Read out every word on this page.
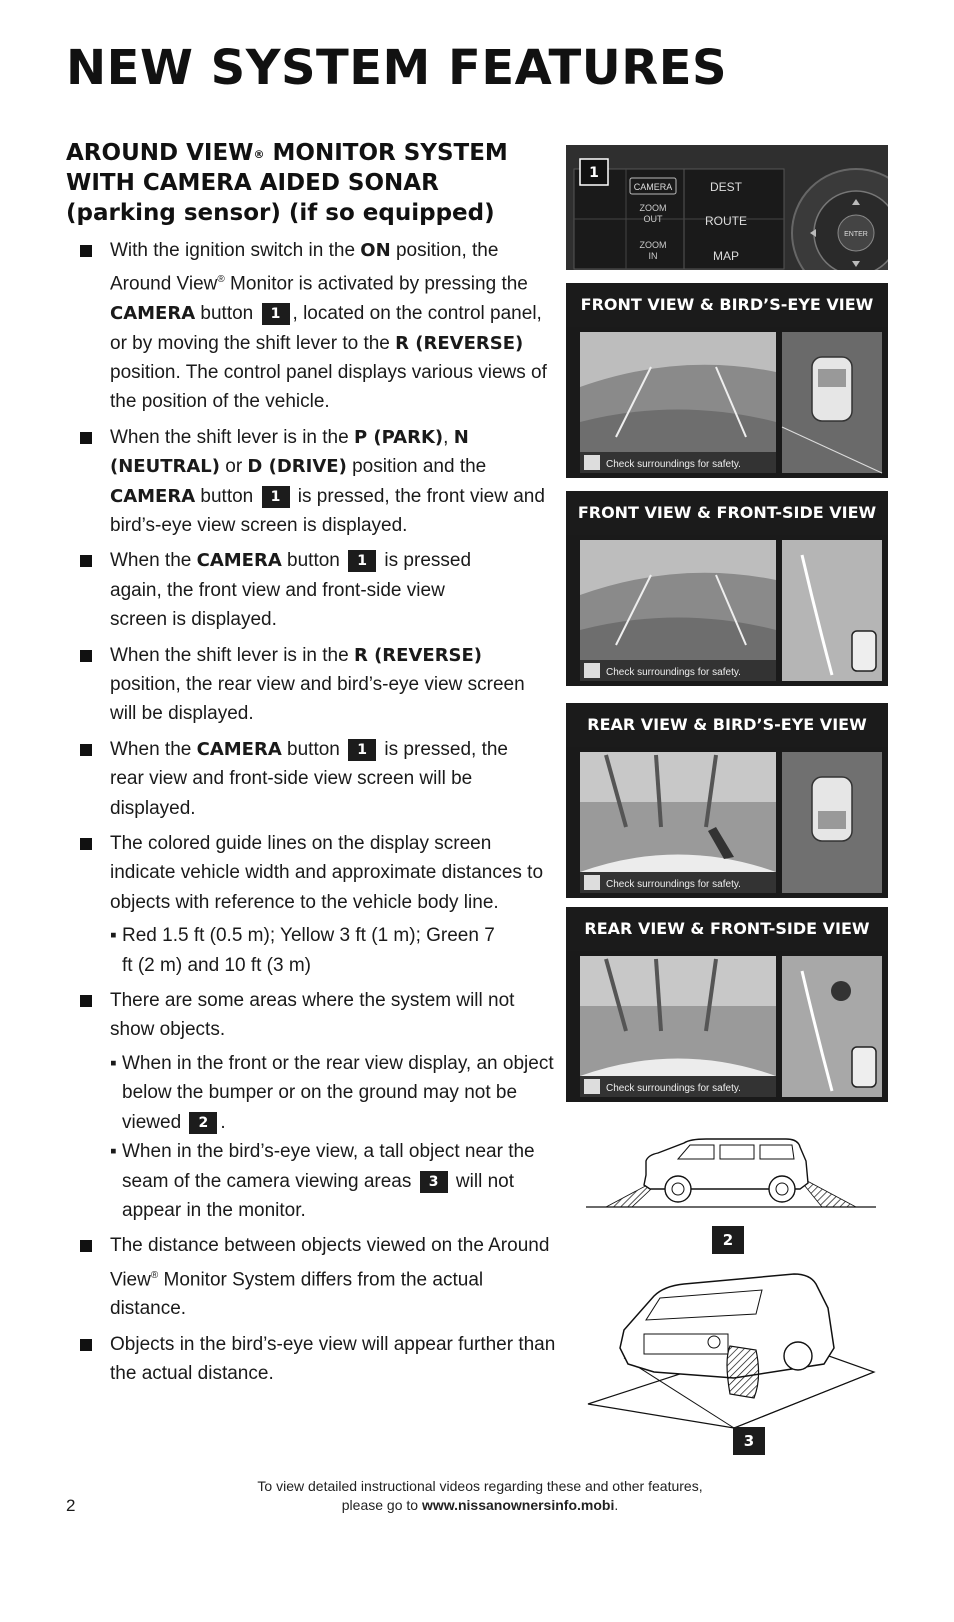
NEW SYSTEM FEATURES
AROUND VIEW® MONITOR SYSTEM
WITH CAMERA AIDED SONAR
(parking sensor) (if so equipped)

With the ignition switch in the ON position, the Around View® Monitor is activated by pressing the CAMERA button 1 , located on the control panel, or by moving the shift lever to the R (REVERSE) position. The control panel displays various views of the position of the vehicle.

When the shift lever is in the P (PARK), N (NEUTRAL) or D (DRIVE) position and the CAMERA button 1 is pressed, the front view and bird’s-eye view screen is displayed.

When the CAMERA button 1 is pressed again, the front view and front-side view screen is displayed.

When the shift lever is in the R (REVERSE) position, the rear view and bird’s-eye view screen will be displayed.

When the CAMERA button 1 is pressed, the rear view and front-side view screen will be displayed.

The colored guide lines on the display screen indicate vehicle width and approximate distances to objects with reference to the vehicle body line.

▪ Red 1.5 ft (0.5 m); Yellow 3 ft (1 m); Green 7 ft (2 m) and 10 ft (3 m)

There are some areas where the system will not show objects.

▪ When in the front or the rear view display, an object below the bumper or on the ground may not be viewed 2 .

▪ When in the bird’s-eye view, a tall object near the seam of the camera viewing areas 3 will not appear in the monitor.

The distance between objects viewed on the Around View® Monitor System differs from the actual distance.

Objects in the bird’s-eye view will appear further than the actual distance.

CAMERA
ZOOM
OUT
ZOOM
IN
DEST
ROUTE
MAP
ENTER
1
FRONT VIEW & BIRD’S-EYE VIEW
Check surroundings for safety.
FRONT VIEW & FRONT-SIDE VIEW
Check surroundings for safety.
REAR VIEW & BIRD’S-EYE VIEW
Check surroundings for safety.
REAR VIEW & FRONT-SIDE VIEW
Check surroundings for safety.
2
3
To view detailed instructional videos regarding these and other features,
please go to www.nissanownersinfo.mobi.
2
